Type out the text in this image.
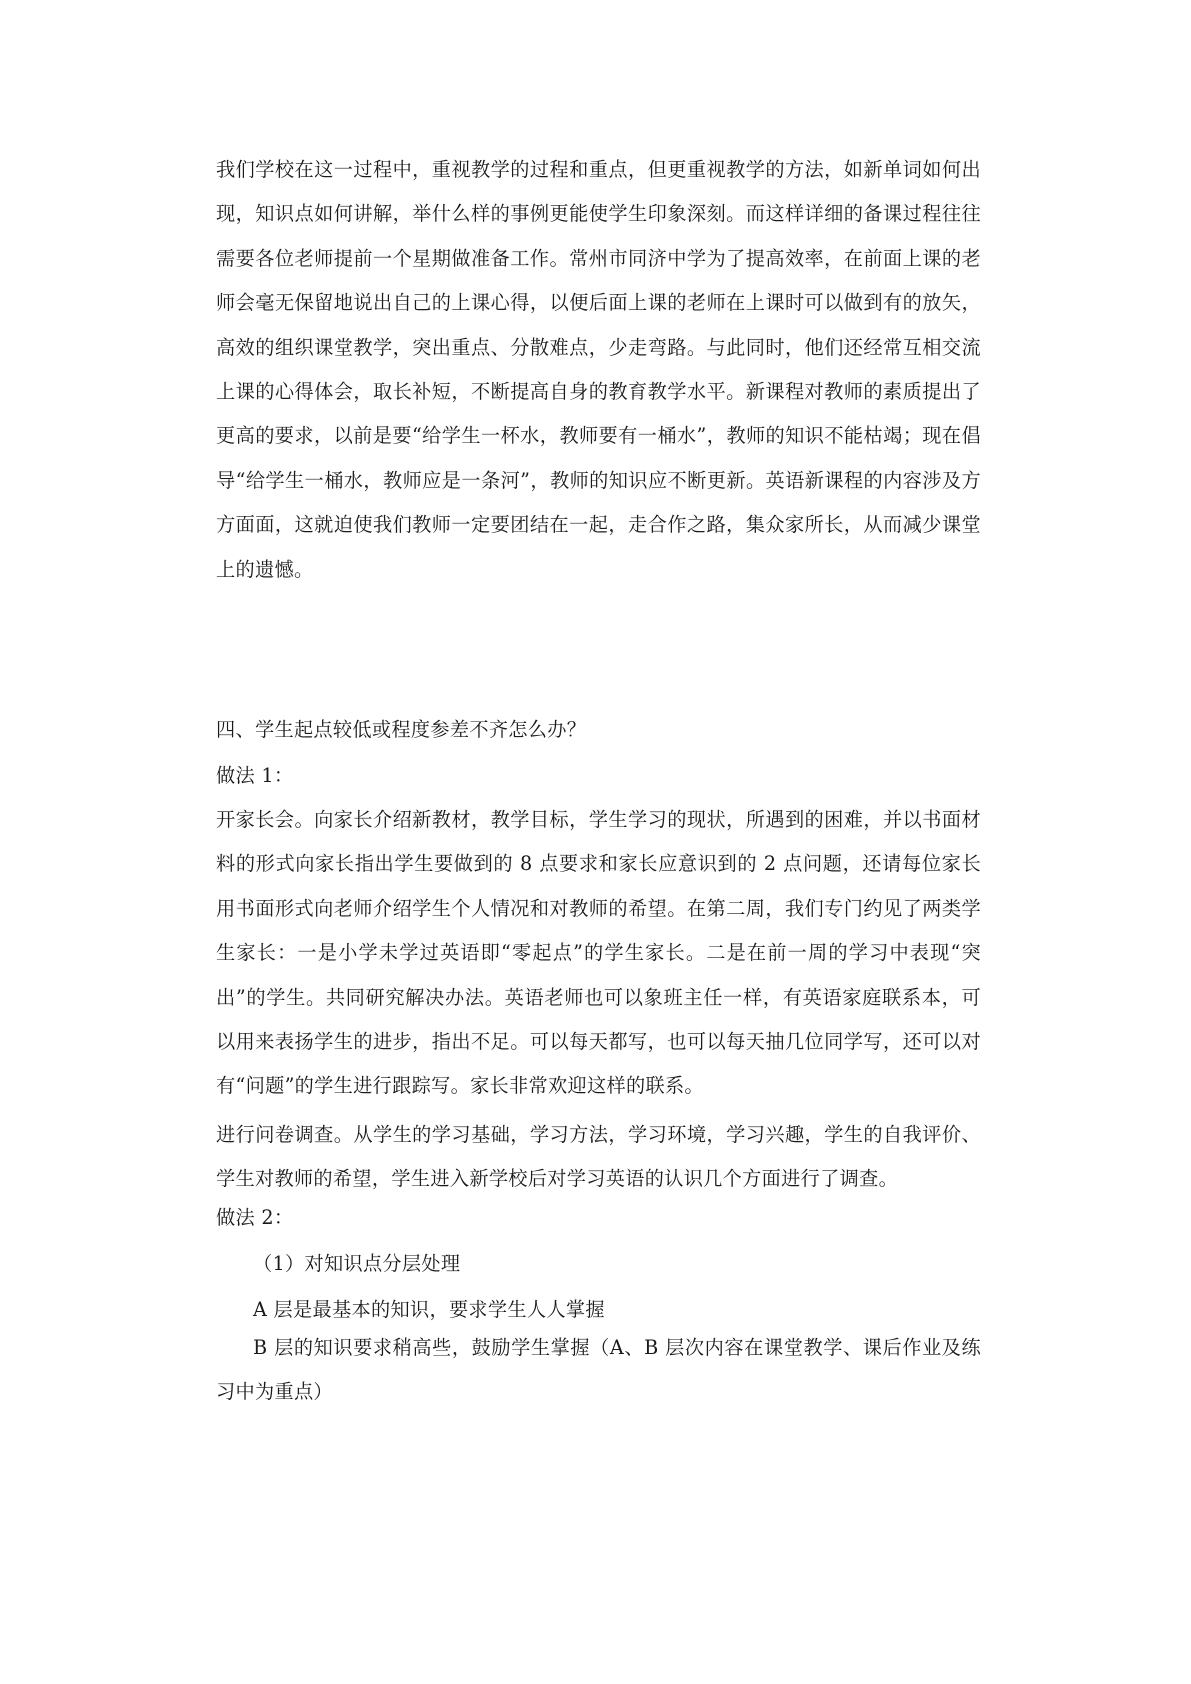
我们学校在这一过程中，重视教学的过程和重点，但更重视教学的方法，如新单词如何出现，知识点如何讲解，举什么样的事例更能使学生印象深刻。而这样详细的备课过程往往需要各位老师提前一个星期做准备工作。常州市同济中学为了提高效率，在前面上课的老师会毫无保留地说出自己的上课心得，以便后面上课的老师在上课时可以做到有的放矢，高效的组织课堂教学，突出重点、分散难点，少走弯路。与此同时，他们还经常互相交流上课的心得体会，取长补短，不断提高自身的教育教学水平。新课程对教师的素质提出了更高的要求，以前是要“给学生一杯水，教师要有一桶水”，教师的知识不能枯竭；现在倡导“给学生一桶水，教师应是一条河”，教师的知识应不断更新。英语新课程的内容涉及方方面面，这就迫使我们教师一定要团结在一起，走合作之路，集众家所长，从而减少课堂上的遗憾。

四、学生起点较低或程度参差不齐怎么办？

做法 1：

开家长会。向家长介绍新教材，教学目标，学生学习的现状，所遇到的困难，并以书面材料的形式向家长指出学生要做到的 8 点要求和家长应意识到的 2 点问题，还请每位家长用书面形式向老师介绍学生个人情况和对教师的希望。在第二周，我们专门约见了两类学生家长：一是小学未学过英语即“零起点”的学生家长。二是在前一周的学习中表现“突出”的学生。共同研究解决办法。英语老师也可以象班主任一样，有英语家庭联系本，可以用来表扬学生的进步，指出不足。可以每天都写，也可以每天抽几位同学写，还可以对有“问题”的学生进行跟踪写。家长非常欢迎这样的联系。

进行问卷调查。从学生的学习基础，学习方法，学习环境，学习兴趣，学生的自我评价、学生对教师的希望，学生进入新学校后对学习英语的认识几个方面进行了调查。

做法 2：

（1）对知识点分层处理

A 层是最基本的知识，要求学生人人掌握

B 层的知识要求稍高些，鼓励学生掌握（A、B 层次内容在课堂教学、课后作业及练习中为重点）
